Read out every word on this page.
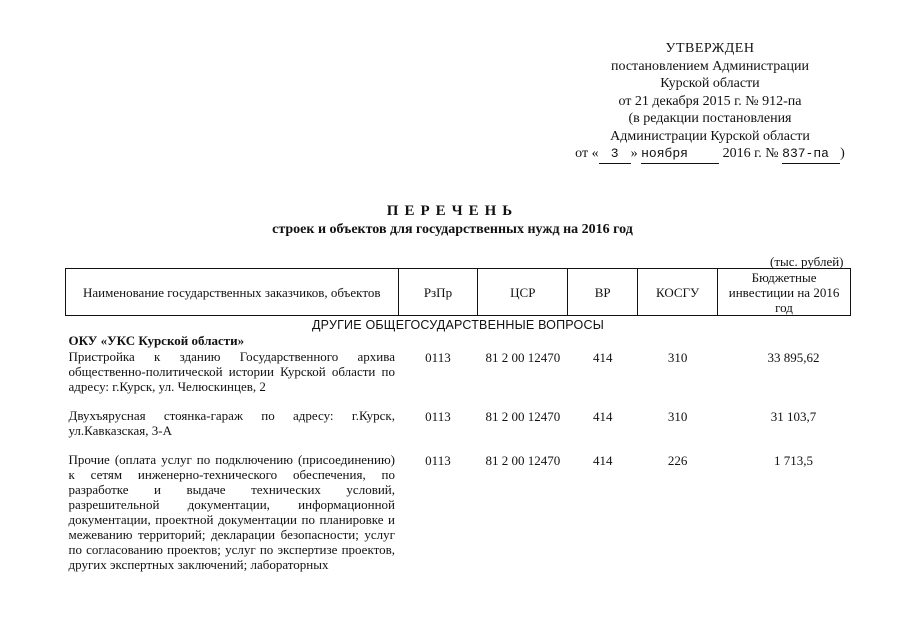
УТВЕРЖДЕН
постановлением Администрации
Курской области
от 21 декабря 2015 г. № 912-па
(в редакции постановления
Администрации Курской области
от « 3 » ноября 2016 г. № 837-па )
ПЕРЕЧЕНЬ
строек и объектов для государственных нужд на 2016 год
(тыс. рублей)
Наименование государственных заказчиков, объектов	РзПр	ЦСР	ВР	КОСГУ	Бюджетные инвестиции на 2016 год
ДРУГИЕ ОБЩЕГОСУДАРСТВЕННЫЕ ВОПРОСЫ					
ОКУ «УКС Курской области»					
Пристройка к зданию Государственного архива общественно-политической истории Курской области по адресу: г.Курск, ул. Челюскинцев, 2	0113	81 2 00 12470	414	310	33 895,62
Двухъярусная стоянка-гараж по адресу: г.Курск, ул.Кавказская, 3-А	0113	81 2 00 12470	414	310	31 103,7
Прочие (оплата услуг по подключению (присоединению) к сетям инженерно-технического обеспечения, по разработке и выдаче технических условий, разрешительной документации, информационной документации, проектной документации по планировке и межеванию территорий; декларации безопасности; услуг по согласованию проектов; услуг по экспертизе проектов, других экспертных заключений; лабораторных	0113	81 2 00 12470	414	226	1 713,5
